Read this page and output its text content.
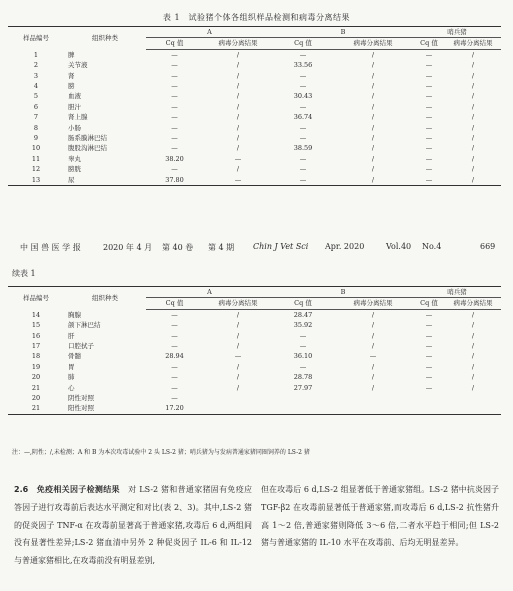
表 1　试验猪个体各组织样品检测和病毒分离结果
样品编号	组织种类	A		B		哨兵猪	
		Cq 值	病毒分离结果	Cq 值	病毒分离结果	Cq 值	病毒分离结果
1	脾	—	/	—	/	—	/
2	关节液	—	/	33.56	/	—	/
3	肾	—	/	—	/	—	/
4	膀	—	/	—	/	—	/
5	血液	—	/	30.43	/	—	/
6	胆汁	—	/	—	/	—	/
7	肾上腺	—	/	36.74	/	—	/
8	小肠	—	/	—	/	—	/
9	肠系膜淋巴结	—	/	—	/	—	/
10	腹股沟淋巴结	—	/	38.59	/	—	/
11	睾丸	38.20	—	—	/	—	/
12	膀胱	—	/	—	/	—	/
13	尿	37.80	—	—	/	—	/
中 国 兽 医 学 报	2020 年 4 月 第 40 卷 第 4 期 Chin J Vet Sci Apr. 2020	Vol.40 No.4	669
续表 1
样品编号	组织种类	A		B		哨兵猪	
		Cq 值	病毒分离结果	Cq 值	病毒分离结果	Cq 值	病毒分离结果
14	胸腺	—	/	28.47	/	—	/
15	颌下淋巴结	—	/	35.92	/	—	/
16	肝	—	/	—	/	—	/
17	口腔拭子	—	/	—	/	—	/
18	骨髓	28.94	—	36.10	—	—	/
19	胃	—	/	—	/	—	/
20	肺	—	/	28.78	/	—	/
21	心	—	/	27.97	/	—	/
20	阴性对照	—					
21	阳性对照	17.20					
注：—,阴性；/,未检测；A 和 B 为本次攻毒试验中 2 头 LS-2 猪；哨兵猪为与发病普通家猪同圈饲养的 LS-2 猪

2.6　免疫相关因子检测结果　 对 LS-2 猪和普通家猪固有免疫应答因子进行攻毒前后表达水平测定和对比(表 2、3)。其中,LS-2 猪的促炎因子 TNF-α 在攻毒前显著高于普通家猪,攻毒后 6 d,两组间没有显著性差异;LS-2 猪血清中另外 2 种促炎因子 IL-6 和 IL-12 与普通家猪相比,在攻毒前没有明显差别,

但在攻毒后 6 d,LS-2 组显著低于普通家猪组。LS-2 猪中抗炎因子 TGF-β2 在攻毒前显著低于普通家猪,而攻毒后 6 d,LS-2 抗性猪升高 1～2 倍,普通家猪则降低 3～6 倍,二者水平趋于相同;但 LS-2 猪与普通家猪的 IL-10 水平在攻毒前、后均无明显差异。
